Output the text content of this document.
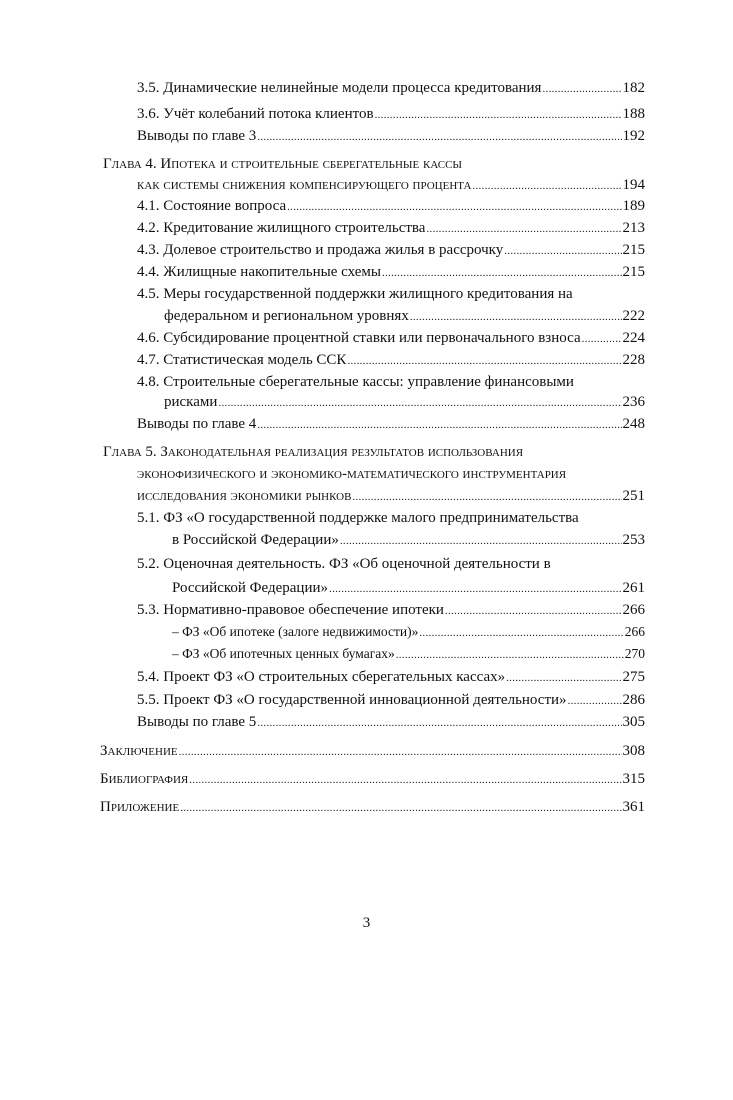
3.5. Динамические нелинейные модели процесса кредитования .....	182
3.6. Учёт колебаний потока клиентов .....	188
Выводы по главе 3 .....	192
Глава 4. Ипотека и строительные сберегательные кассы
как системы снижения компенсирующего процента .....	194
4.1. Состояние вопроса .....	189
4.2. Кредитование жилищного строительства .....	213
4.3. Долевое строительство и продажа жилья в рассрочку .....	215
4.4. Жилищные накопительные схемы .....	215
4.5. Меры государственной поддержки жилищного кредитования на
федеральном и региональном уровнях .....	222
4.6. Субсидирование процентной ставки или первоначального взноса .....	224
4.7. Статистическая модель ССК .....	228
4.8. Строительные сберегательные кассы: управление финансовыми
рисками .....	236
Выводы по главе 4 .....	248
Глава 5. Законодательная реализация результатов использования
эконофизического и экономико-математического инструментария
исследования экономики рынков .....	251
5.1. ФЗ «О государственной поддержке малого предпринимательства
в Российской Федерации» .....	253
5.2. Оценочная деятельность. ФЗ «Об оценочной деятельности в
Российской Федерации» .....	261
5.3. Нормативно-правовое обеспечение ипотеки .....	266
– ФЗ «Об ипотеке (залоге недвижимости)» .....	266
– ФЗ «Об ипотечных ценных бумагах» .....	270
5.4. Проект ФЗ «О строительных сберегательных кассах» .....	275
5.5. Проект ФЗ «О государственной инновационной деятельности» .....	286
Выводы по главе 5 .....	305
Заключение .....	308
Библиография .....	315
Приложение .....	361
3
